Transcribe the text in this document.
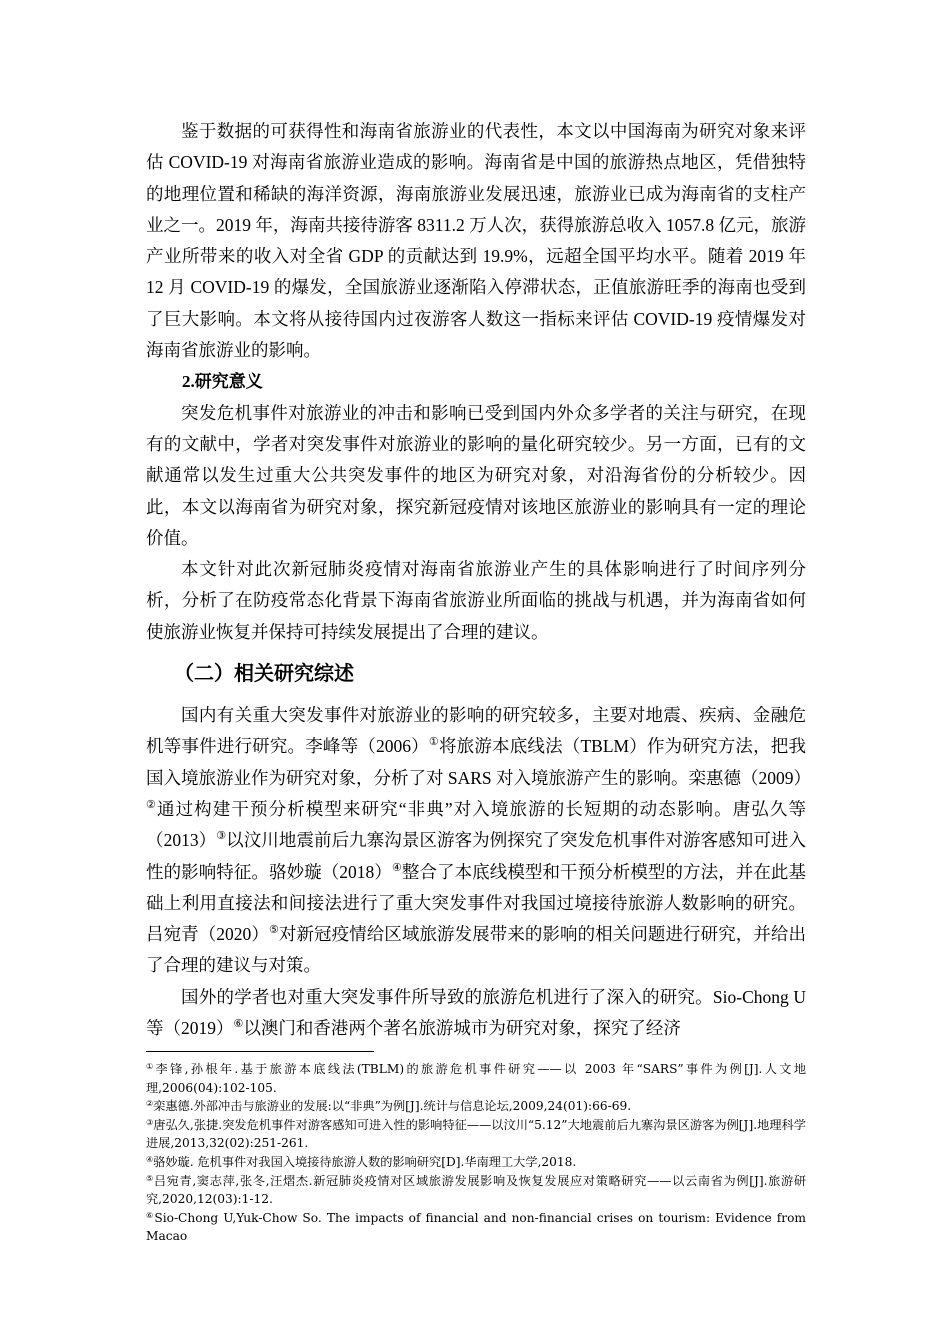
鉴于数据的可获得性和海南省旅游业的代表性，本文以中国海南为研究对象来评估 COVID-19 对海南省旅游业造成的影响。海南省是中国的旅游热点地区，凭借独特的地理位置和稀缺的海洋资源，海南旅游业发展迅速，旅游业已成为海南省的支柱产业之一。2019 年，海南共接待游客 8311.2 万人次，获得旅游总收入 1057.8 亿元，旅游产业所带来的收入对全省 GDP 的贡献达到 19.9%，远超全国平均水平。随着 2019 年 12 月 COVID-19 的爆发，全国旅游业逐渐陷入停滞状态，正值旅游旺季的海南也受到了巨大影响。本文将从接待国内过夜游客人数这一指标来评估 COVID-19 疫情爆发对海南省旅游业的影响。

2.研究意义

突发危机事件对旅游业的冲击和影响已受到国内外众多学者的关注与研究，在现有的文献中，学者对突发事件对旅游业的影响的量化研究较少。另一方面，已有的文献通常以发生过重大公共突发事件的地区为研究对象，对沿海省份的分析较少。因此，本文以海南省为研究对象，探究新冠疫情对该地区旅游业的影响具有一定的理论价值。

本文针对此次新冠肺炎疫情对海南省旅游业产生的具体影响进行了时间序列分析，分析了在防疫常态化背景下海南省旅游业所面临的挑战与机遇，并为海南省如何使旅游业恢复并保持可持续发展提出了合理的建议。

（二）相关研究综述

国内有关重大突发事件对旅游业的影响的研究较多，主要对地震、疾病、金融危机等事件进行研究。李峰等（2006）①将旅游本底线法（TBLM）作为研究方法，把我国入境旅游业作为研究对象，分析了对 SARS 对入境旅游产生的影响。栾惠德（2009）②通过构建干预分析模型来研究“非典”对入境旅游的长短期的动态影响。唐弘久等（2013）③以汶川地震前后九寨沟景区游客为例探究了突发危机事件对游客感知可进入性的影响特征。骆妙璇（2018）④整合了本底线模型和干预分析模型的方法，并在此基础上利用直接法和间接法进行了重大突发事件对我国过境接待旅游人数影响的研究。吕宛青（2020）⑤对新冠疫情给区域旅游发展带来的影响的相关问题进行研究，并给出了合理的建议与对策。

国外的学者也对重大突发事件所导致的旅游危机进行了深入的研究。Sio-Chong U 等（2019）⑥以澳门和香港两个著名旅游城市为研究对象，探究了经济

①李锋,孙根年.基于旅游本底线法(TBLM)的旅游危机事件研究——以 2003 年“SARS”事件为例[J].人文地理,2006(04):102-105.

②栾惠德.外部冲击与旅游业的发展:以“非典”为例[J].统计与信息论坛,2009,24(01):66-69.

③唐弘久,张捷.突发危机事件对游客感知可进入性的影响特征——以汶川“5.12”大地震前后九寨沟景区游客为例[J].地理科学进展,2013,32(02):251-261.

④骆妙璇. 危机事件对我国入境接待旅游人数的影响研究[D].华南理工大学,2018.

⑤吕宛青,窦志萍,张冬,汪熠杰.新冠肺炎疫情对区域旅游发展影响及恢复发展应对策略研究——以云南省为例[J].旅游研究,2020,12(03):1-12.

⑥Sio-Chong U,Yuk-Chow So. The impacts of financial and non-financial crises on tourism: Evidence from Macao
